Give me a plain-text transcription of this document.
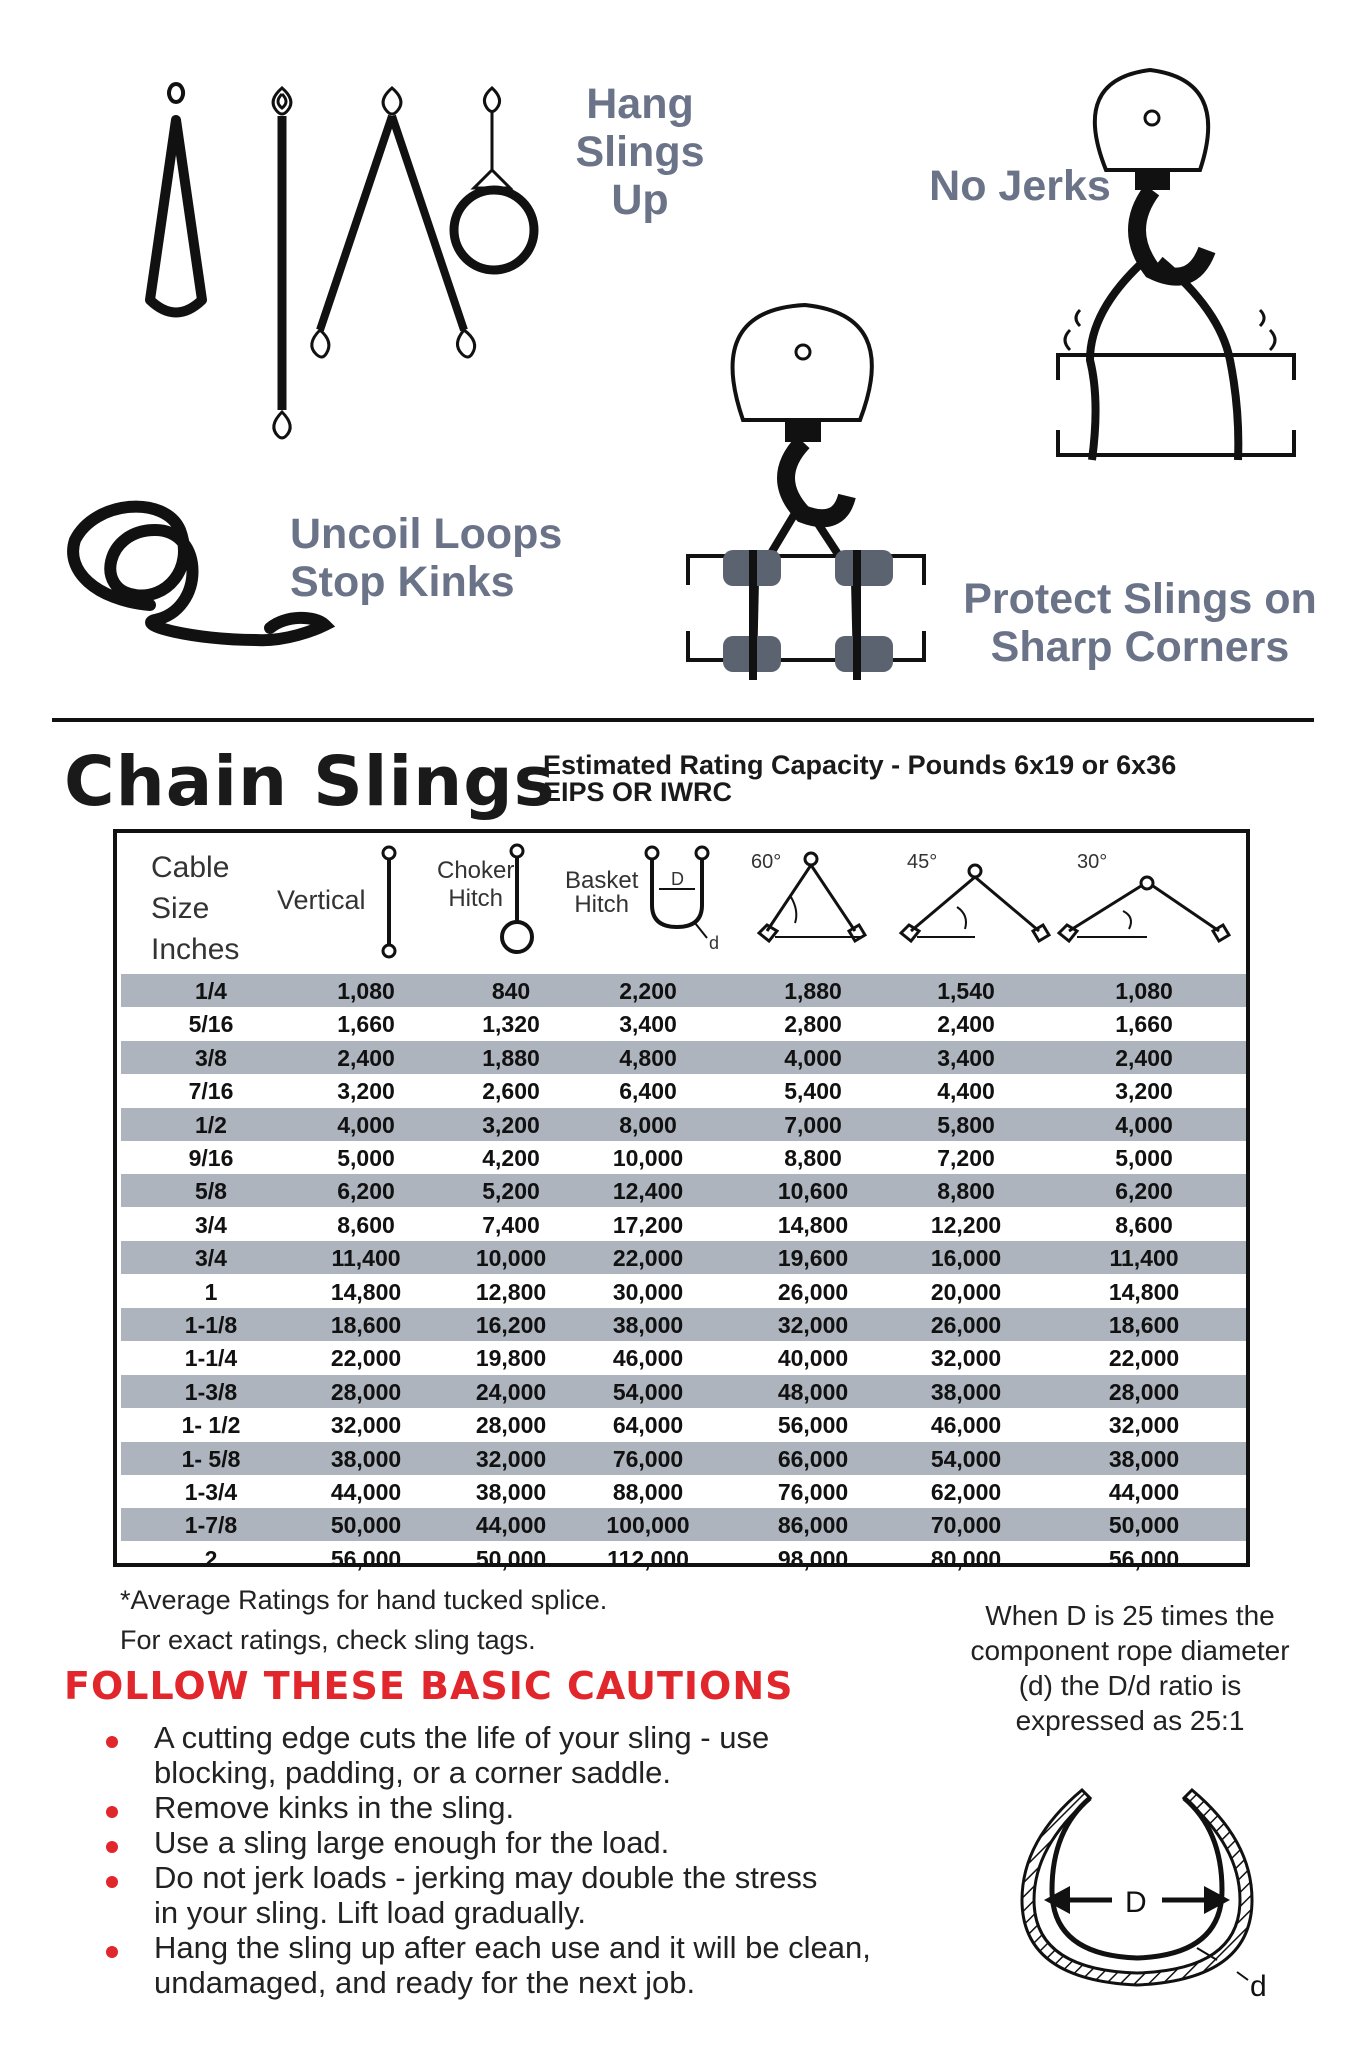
Hang
Slings
Up	No Jerks
Uncoil Loops
Stop Kinks	Protect Slings on
Sharp Corners
Chain Slings
Estimated Rating Capacity - Pounds 6x19 or 6x36
EIPS OR IWRC
Cable
Size
Inches
Vertical
Choker
Hitch
Basket
Hitch
D
d
60°	45°	30°
1/4	1,080	840	2,200	1,880	1,540	1,080
5/16	1,660	1,320	3,400	2,800	2,400	1,660
3/8	2,400	1,880	4,800	4,000	3,400	2,400
7/16	3,200	2,600	6,400	5,400	4,400	3,200
1/2	4,000	3,200	8,000	7,000	5,800	4,000
9/16	5,000	4,200	10,000	8,800	7,200	5,000
5/8	6,200	5,200	12,400	10,600	8,800	6,200
3/4	8,600	7,400	17,200	14,800	12,200	8,600
3/4	11,400	10,000	22,000	19,600	16,000	11,400
1	14,800	12,800	30,000	26,000	20,000	14,800
1-1/8	18,600	16,200	38,000	32,000	26,000	18,600
1-1/4	22,000	19,800	46,000	40,000	32,000	22,000
1-3/8	28,000	24,000	54,000	48,000	38,000	28,000
1- 1/2	32,000	28,000	64,000	56,000	46,000	32,000
1- 5/8	38,000	32,000	76,000	66,000	54,000	38,000
1-3/4	44,000	38,000	88,000	76,000	62,000	44,000
1-7/8	50,000	44,000	100,000	86,000	70,000	50,000
2	56,000	50,000	112,000	98,000	80,000	56,000
*Average Ratings for hand tucked splice.
For exact ratings, check sling tags.
FOLLOW THESE BASIC CAUTIONS
A cutting edge cuts the life of your sling - use
blocking, padding, or a corner saddle.
Remove kinks in the sling.
Use a sling large enough for the load.
Do not jerk loads - jerking may double the stress
in your sling. Lift load gradually.
Hang the sling up after each use and it will be clean,
undamaged, and ready for the next job.
When D is 25 times the
component rope diameter
(d) the D/d ratio is
expressed as 25:1
D
d
